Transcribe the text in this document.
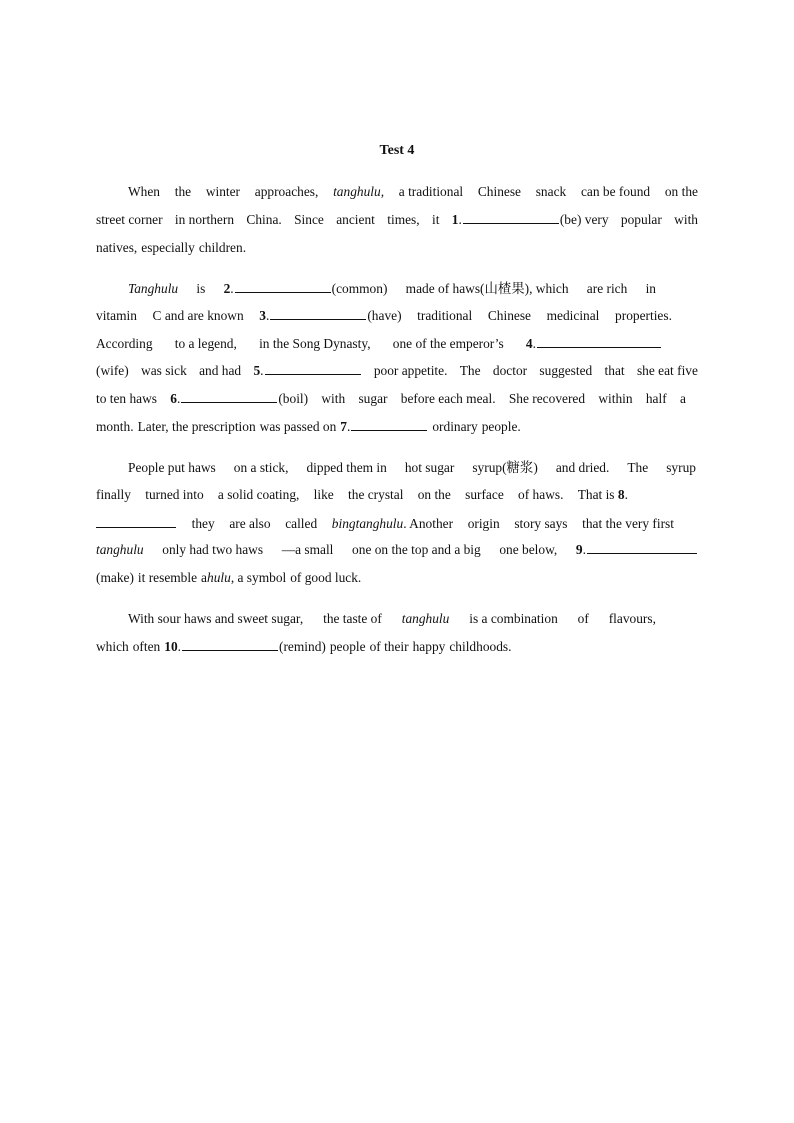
Test 4
When the winter approaches, tanghulu, a traditional Chinese snack can be found on the
street corner in northern China. Since ancient times, it 1.	(be) very popular with
natives, especially children.
Tanghulu is 2.	(common) made of haws(山楂果), which are rich in
vitamin C and are known 3.	(have) traditional Chinese medicinal properties.
According to a legend, in the Song Dynasty, one of the emperor’s 4.
(wife) was sick and had 5.	poor appetite. The doctor suggested that she eat five
to ten haws 6.	(boil) with sugar before each meal. She recovered within half a
month. Later, the prescription was passed on 7.	ordinary people.
People put haws on a stick, dipped them in hot sugar syrup(糖浆) and dried. The syrup
finally turned into a solid coating, like the crystal on the surface of haws. That is 8.
they are also called bingtanghulu. Another origin story says that the very first
tanghulu only had two haws —a small one on the top and a big one below, 9.
(make) it resemble a hulu, a symbol of good luck.
With sour haws and sweet sugar, the taste of tanghulu is a combination of flavours,
which often 10.	(remind) people of their happy childhoods.
